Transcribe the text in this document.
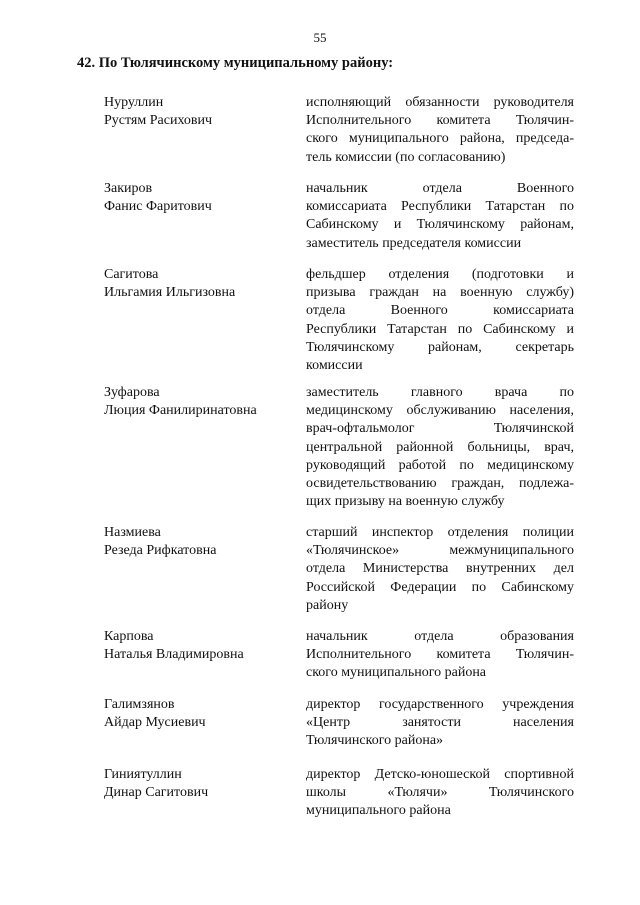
55
42. По Тюлячинскому муниципальному району:
Нуруллин
Рустям Расихович
исполняющий обязанности руководителя
Исполнительного комитета Тюлячин-
ского муниципального района, председа-
тель комиссии (по согласованию)
Закиров
Фанис Фаритович
начальник отдела Военного
комиссариата Республики Татарстан по
Сабинскому и Тюлячинскому районам,
заместитель председателя комиссии
Сагитова
Ильгамия Ильгизовна
фельдшер отделения (подготовки и
призыва граждан на военную службу)
отдела Военного комиссариата
Республики Татарстан по Сабинскому и
Тюлячинскому районам, секретарь
комиссии
Зуфарова
Люция Фанилиринатовна
заместитель главного врача по
медицинскому обслуживанию населения,
врач-офтальмолог Тюлячинской
центральной районной больницы, врач,
руководящий работой по медицинскому
освидетельствованию граждан, подлежа-
щих призыву на военную службу
Назмиева
Резеда Рифкатовна
старший инспектор отделения полиции
«Тюлячинское» межмуниципального
отдела Министерства внутренних дел
Российской Федерации по Сабинскому
району
Карпова
Наталья Владимировна
начальник отдела образования
Исполнительного комитета Тюлячин-
ского муниципального района
Галимзянов
Айдар Мусиевич
директор государственного учреждения
«Центр занятости населения
Тюлячинского района»
Гиниятуллин
Динар Сагитович
директор Детско-юношеской спортивной
школы «Тюлячи» Тюлячинского
муниципального района
